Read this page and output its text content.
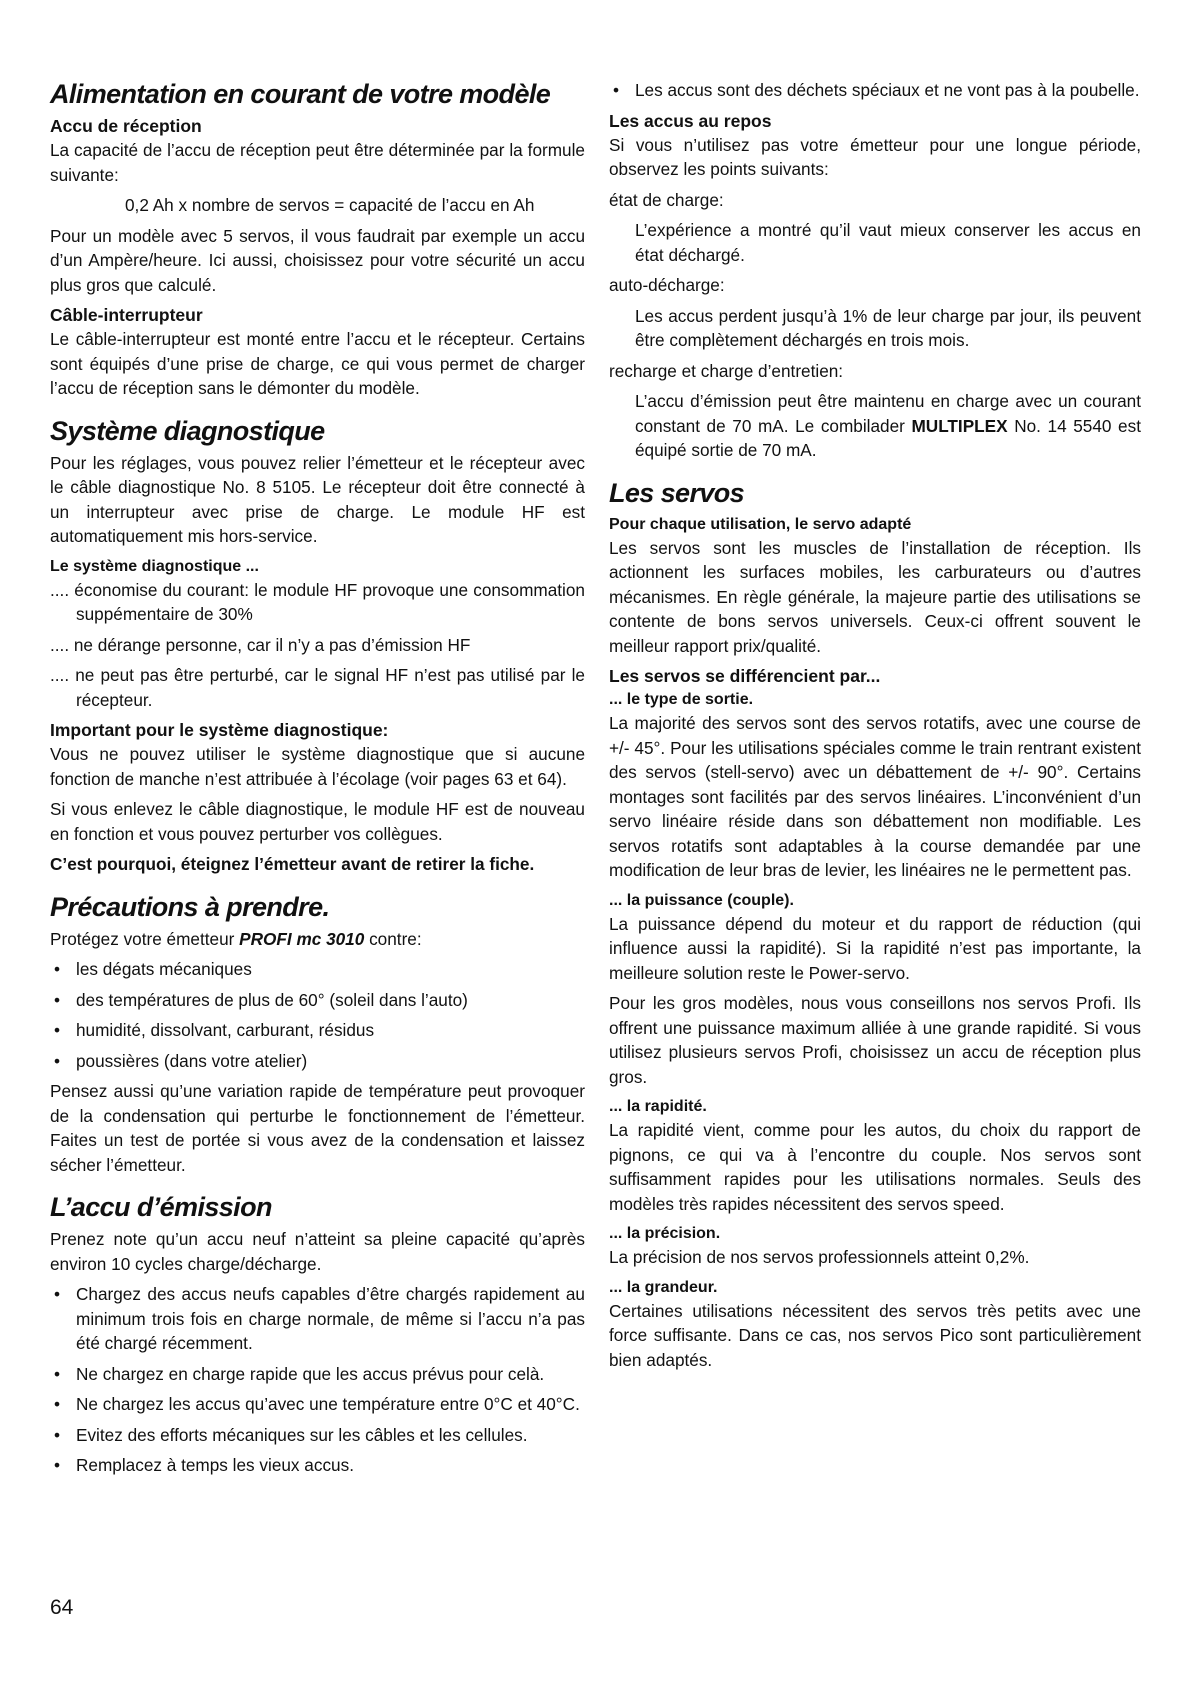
Alimentation en courant de votre modèle
Accu de réception

La capacité de l’accu de réception peut être déterminée par la formule suivante:

0,2 Ah x nombre de servos = capacité de l’accu en Ah

Pour un modèle avec 5 servos, il vous faudrait par exemple un accu d’un Ampère/heure. Ici aussi, choisissez pour votre sécurité un accu plus gros que calculé.

Câble-interrupteur

Le câble-interrupteur est monté entre l’accu et le récepteur. Certains sont équipés d’une prise de charge, ce qui vous permet de charger l’accu de réception sans le démonter du modèle.

Système diagnostique

Pour les réglages, vous pouvez relier l’émetteur et le récepteur avec le câble diagnostique No. 8 5105. Le récepteur doit être connecté à un interrupteur avec prise de charge. Le module HF est automatiquement mis hors-service.

Le système diagnostique ...

.... économise du courant: le module HF provoque une consommation suppémentaire de 30%

.... ne dérange personne, car il n’y a pas d’émission HF

.... ne peut pas être perturbé, car le signal HF n’est pas utilisé par le récepteur.

Important pour le système diagnostique:

Vous ne pouvez utiliser le système diagnostique que si aucune fonction de manche n’est attribuée à l’écolage (voir pages 63 et 64).

Si vous enlevez le câble diagnostique, le module HF est de nouveau en fonction et vous pouvez perturber vos collègues.

C’est pourquoi, éteignez l’émetteur avant de retirer la fiche.

Précautions à prendre.

Protégez votre émetteur PROFI mc 3010 contre:

• les dégats mécaniques
• des températures de plus de 60° (soleil dans l’auto)
• humidité, dissolvant, carburant, résidus
• poussières (dans votre atelier)

Pensez aussi qu’une variation rapide de température peut provoquer de la condensation qui perturbe le fonctionnement de l’émetteur. Faites un test de portée si vous avez de la condensation et laissez sécher l’émetteur.

L’accu d’émission

Prenez note qu’un accu neuf n’atteint sa pleine capacité qu’après environ 10 cycles charge/décharge.

• Chargez des accus neufs capables d’être chargés rapidement au minimum trois fois en charge normale, de même si l’accu n’a pas été chargé récemment.
• Ne chargez en charge rapide que les accus prévus pour celà.
• Ne chargez les accus qu’avec une température entre 0°C et 40°C.
• Evitez des efforts mécaniques sur les câbles et les cellules.
• Remplacez à temps les vieux accus.
• Les accus sont des déchets spéciaux et ne vont pas à la poubelle.
Les accus au repos

Si vous n’utilisez pas votre émetteur pour une longue période, observez les points suivants:

état de charge:

L’expérience a montré qu’il vaut mieux conserver les accus en état déchargé.

auto-décharge:

Les accus perdent jusqu’à 1% de leur charge par jour, ils peuvent être complètement déchargés en trois mois.

recharge et charge d’entretien:

L’accu d’émission peut être maintenu en charge avec un courant constant de 70 mA. Le combilader MULTIPLEX No. 14 5540 est équipé sortie de 70 mA.

Les servos
Pour chaque utilisation, le servo adapté

Les servos sont les muscles de l’installation de réception. Ils actionnent les surfaces mobiles, les carburateurs ou d’autres mécanismes. En règle générale, la majeure partie des utilisations se contente de bons servos universels. Ceux-ci offrent souvent le meilleur rapport prix/qualité.

Les servos se différencient par...
... le type de sortie.

La majorité des servos sont des servos rotatifs, avec une course de +/- 45°. Pour les utilisations spéciales comme le train rentrant existent des servos (stell-servo) avec un débattement de +/- 90°. Certains montages sont facilités par des servos linéaires. L’inconvénient d’un servo linéaire réside dans son débattement non modifiable. Les servos rotatifs sont adaptables à la course demandée par une modification de leur bras de levier, les linéaires ne le permettent pas.

... la puissance (couple).

La puissance dépend du moteur et du rapport de réduction (qui influence aussi la rapidité). Si la rapidité n’est pas importante, la meilleure solution reste le Power-servo.

Pour les gros modèles, nous vous conseillons nos servos Profi. Ils offrent une puissance maximum alliée à une grande rapidité. Si vous utilisez plusieurs servos Profi, choisissez un accu de réception plus gros.

... la rapidité.

La rapidité vient, comme pour les autos, du choix du rapport de pignons, ce qui va à l’encontre du couple. Nos servos sont suffisamment rapides pour les utilisations normales. Seuls des modèles très rapides nécessitent des servos speed.

... la précision.

La précision de nos servos professionnels atteint 0,2%.

... la grandeur.

Certaines utilisations nécessitent des servos très petits avec une force suffisante. Dans ce cas, nos servos Pico sont particulièrement bien adaptés.

64
